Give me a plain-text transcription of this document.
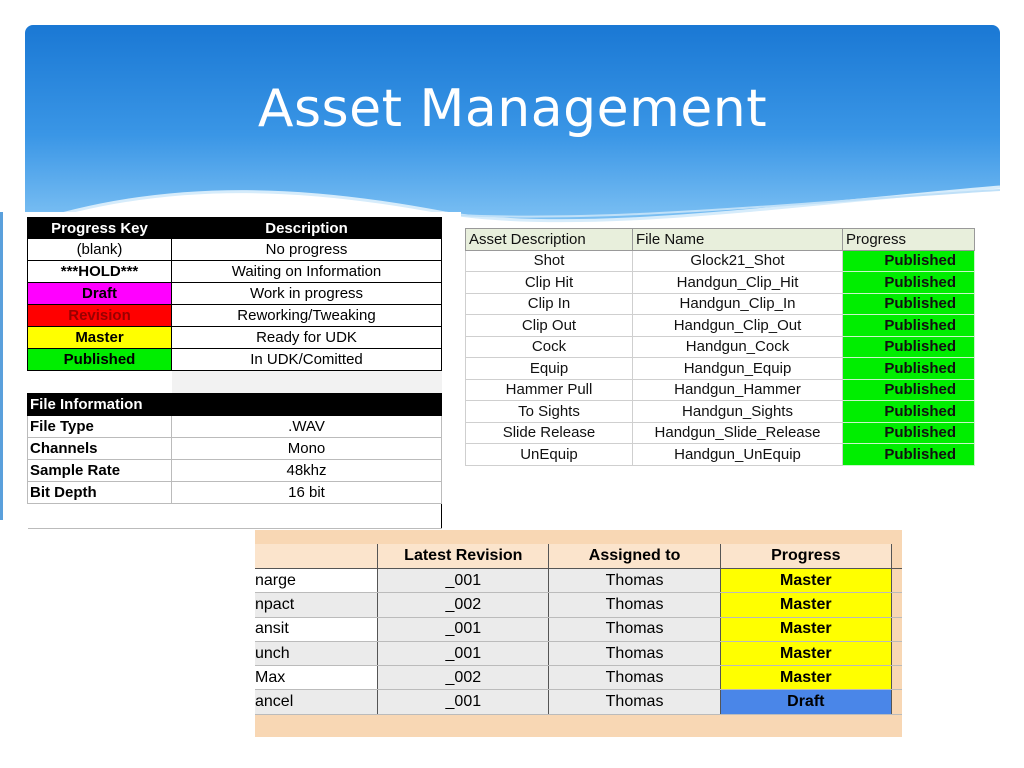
Asset Management
Progress Key	Description
(blank)	No progress
***HOLD***	Waiting on Information
Draft	Work in progress
Revision	Reworking/Tweaking
Master	Ready for UDK
Published	In UDK/Comitted

File Information	
File Type	.WAV
Channels	Mono
Sample Rate	48khz
Bit Depth	16 bit

Asset Description	File Name	Progress
Shot	Glock21_Shot	Published
Clip Hit	Handgun_Clip_Hit	Published
Clip In	Handgun_Clip_In	Published
Clip Out	Handgun_Clip_Out	Published
Cock	Handgun_Cock	Published
Equip	Handgun_Equip	Published
Hammer Pull	Handgun_Hammer	Published
To Sights	Handgun_Sights	Published
Slide Release	Handgun_Slide_Release	Published
UnEquip	Handgun_UnEquip	Published
	Latest Revision	Assigned to	Progress	
narge	_001	Thomas	Master	
npact	_002	Thomas	Master	
ansit	_001	Thomas	Master	
unch	_001	Thomas	Master	
Max	_002	Thomas	Master	
ancel	_001	Thomas	Draft	
